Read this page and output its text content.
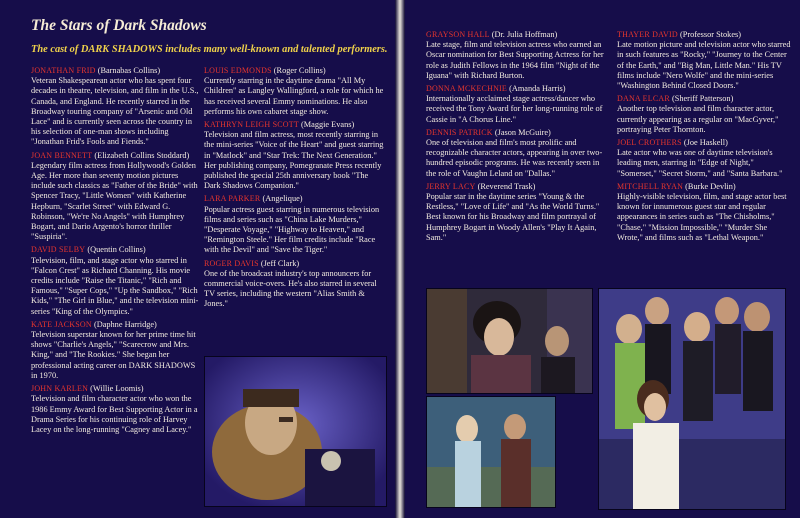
The Stars of Dark Shadows

The cast of DARK SHADOWS includes many well-known and talented performers.

JONATHAN FRID (Barnabas Collins)
Veteran Shakespearean actor who has spent four decades in theatre, television, and film in the U.S., Canada, and England. He recently starred in the Broadway touring company of "Arsenic and Old Lace" and is currently seen across the country in his selection of one-man shows including "Jonathan Frid's Fools and Fiends."

JOAN BENNETT (Elizabeth Collins Stoddard)
Legendary film actress from Hollywood's Golden Age. Her more than seventy motion pictures include such classics as "Father of the Bride" with Spencer Tracy, "Little Women" with Katherine Hepburn, "Scarlet Street" with Edward G. Robinson, "We're No Angels" with Humphrey Bogart, and Dario Argento's horror thriller "Suspiria".

DAVID SELBY (Quentin Collins)
Television, film, and stage actor who starred in "Falcon Crest" as Richard Channing. His movie credits include "Raise the Titanic," "Rich and Famous," "Super Cops," "Up the Sandbox," "Rich Kids," "The Girl in Blue," and the television mini-series "King of the Olympics."

KATE JACKSON (Daphne Harridge)
Television superstar known for her prime time hit shows "Charlie's Angels," "Scarecrow and Mrs. King," and "The Rookies." She began her professional acting career on DARK SHADOWS in 1970.

JOHN KARLEN (Willie Loomis)
Television and film character actor who won the 1986 Emmy Award for Best Supporting Actor in a Drama Series for his continuing role of Harvey Lacey on the long-running "Cagney and Lacey."

LOUIS EDMONDS (Roger Collins)
Currently starring in the daytime drama "All My Children" as Langley Wallingford, a role for which he has received several Emmy nominations. He also performs his own cabaret stage show.

KATHRYN LEIGH SCOTT (Maggie Evans)
Television and film actress, most recently starring in the mini-series "Voice of the Heart" and guest starring in "Matlock" and "Star Trek: The Next Generation." Her publishing company, Pomegranate Press recently published the special 25th anniversary book "The Dark Shadows Companion."

LARA PARKER (Angelique)
Popular actress guest starring in numerous television films and series such as "China Lake Murders," "Desperate Voyage," "Highway to Heaven," and "Remington Steele." Her film credits include "Race with the Devil" and "Save the Tiger."

ROGER DAVIS (Jeff Clark)
One of the broadcast industry's top announcers for commercial voice-overs. He's also starred in several TV series, including the western "Alias Smith & Jones."

GRAYSON HALL (Dr. Julia Hoffman)
Late stage, film and television actress who earned an Oscar nomination for Best Supporting Actress for her role as Judith Fellows in the 1964 film "Night of the Iguana" with Richard Burton.

DONNA MCKECHNIE (Amanda Harris)
Internationally acclaimed stage actress/dancer who received the Tony Award for her long-running role of Cassie in "A Chorus Line."

DENNIS PATRICK (Jason McGuire)
One of television and film's most prolific and recognizable character actors, appearing in over two-hundred episodic programs. He was recently seen in the role of Vaughn Leland on "Dallas."

JERRY LACY (Reverend Trask)
Popular star in the daytime series "Young & the Restless," "Love of Life" and "As the World Turns." Best known for his Broadway and film portrayal of Humphrey Bogart in Woody Allen's "Play It Again, Sam."

THAYER DAVID (Professor Stokes)
Late motion picture and television actor who starred in such features as "Rocky," "Journey to the Center of the Earth," and "Big Man, Little Man." His TV films include "Nero Wolfe" and the mini-series "Washington Behind Closed Doors."

DANA ELCAR (Sheriff Patterson)
Another top television and film character actor, currently appearing as a regular on "MacGyver," portraying Peter Thornton.

JOEL CROTHERS (Joe Haskell)
Late actor who was one of daytime television's leading men, starring in "Edge of Night," "Somerset," "Secret Storm," and "Santa Barbara."

MITCHELL RYAN (Burke Devlin)
Highly-visible television, film, and stage actor best known for innumerous guest star and regular appearances in series such as "The Chisholms," "Chase," "Mission Impossible," "Murder She Wrote," and films such as "Lethal Weapon."
